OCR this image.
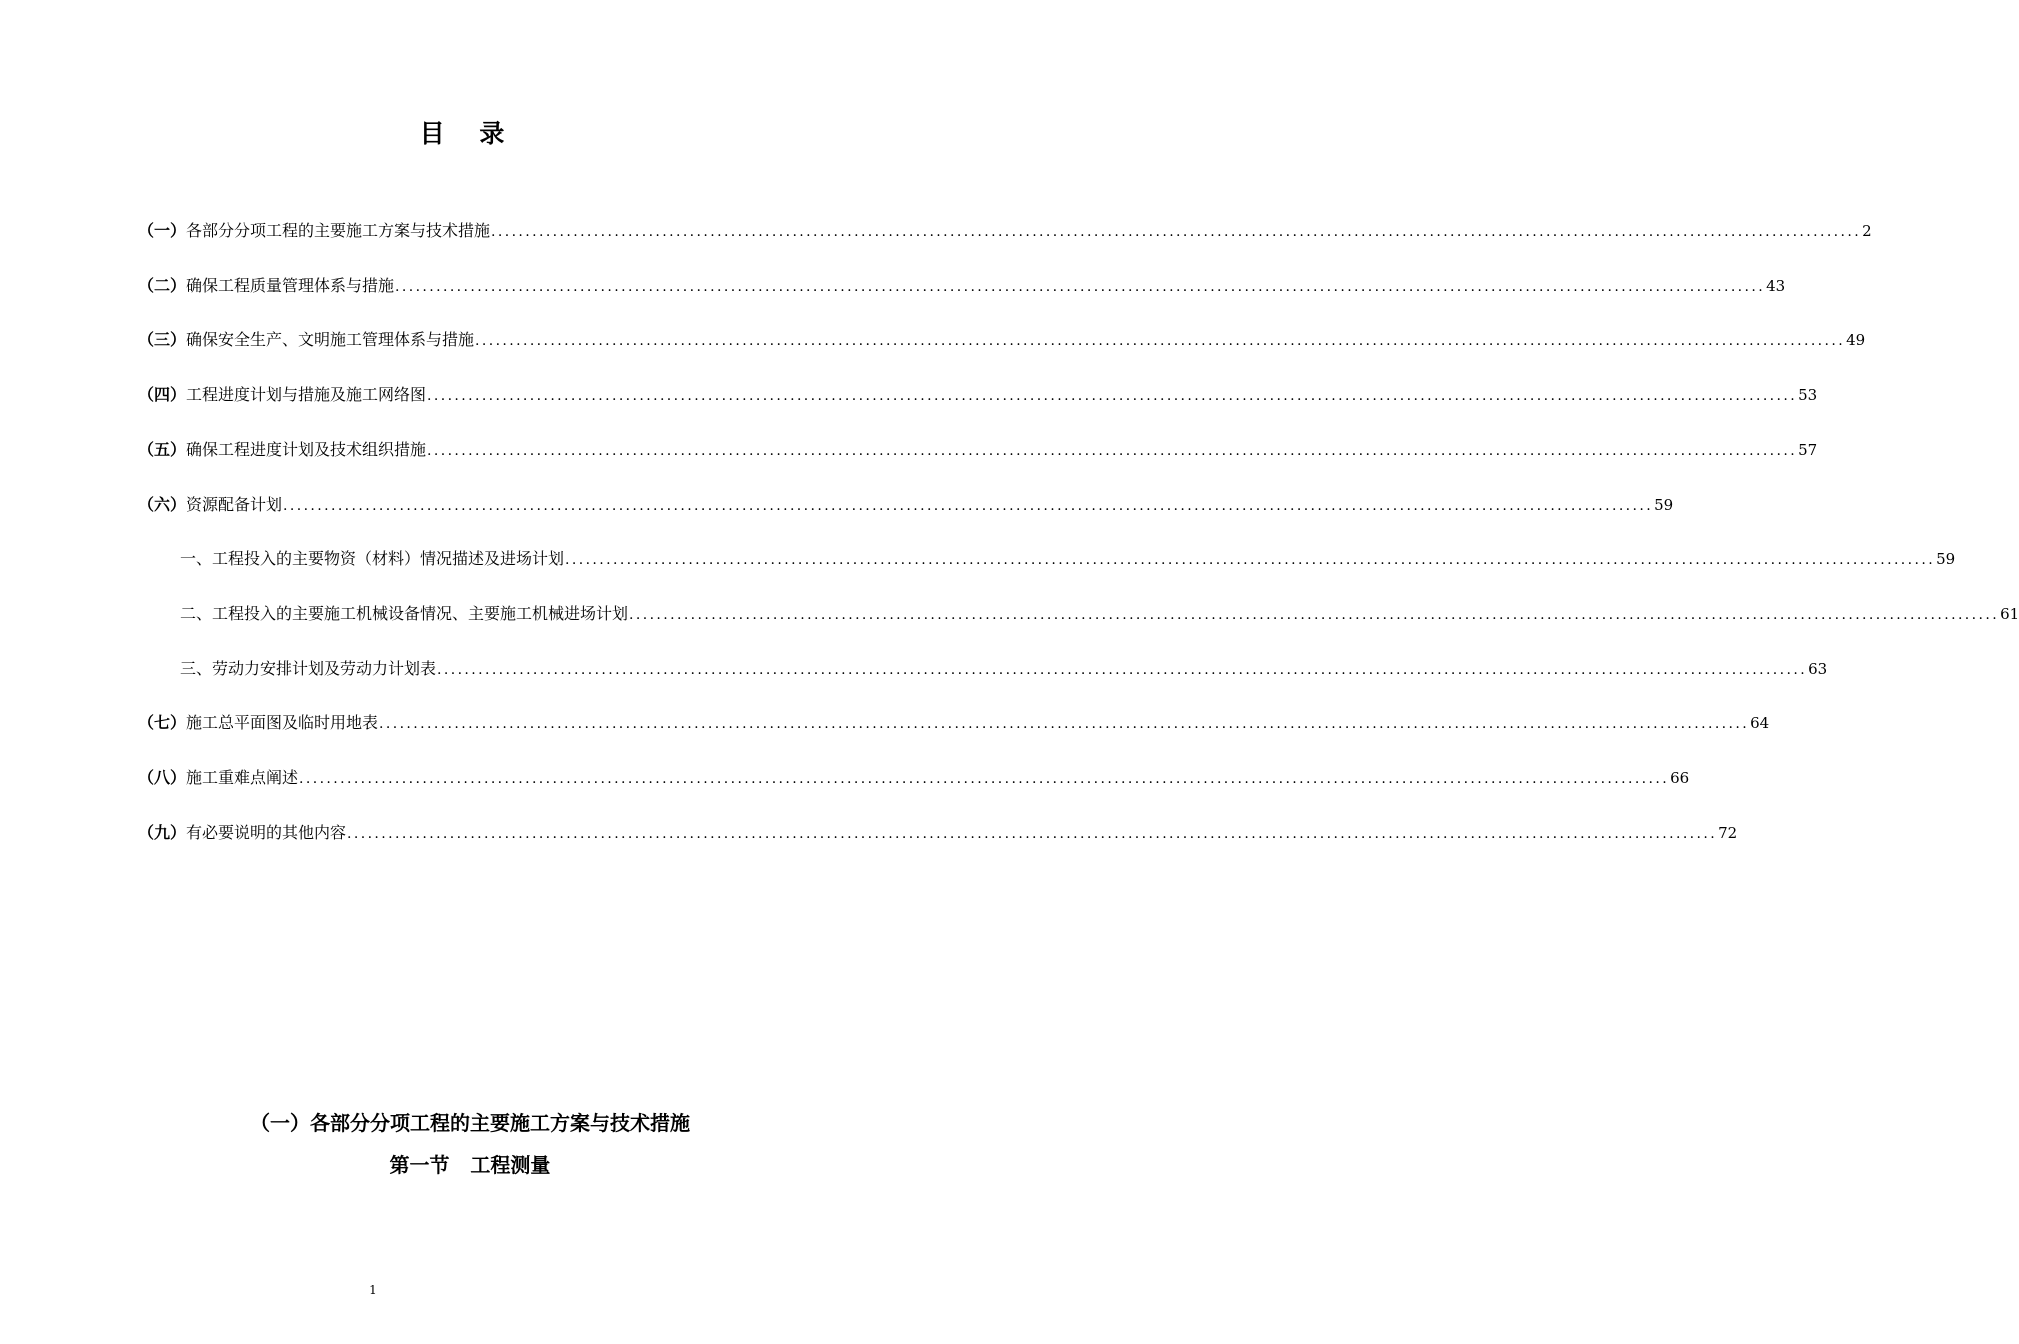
目    录
（一） 各部分分项工程的主要施工方案与技术措施 ........................................................................................................................................................................................................ 2
（二） 确保工程质量管理体系与措施 ........................................................................................................................................................................................................ 43
（三） 确保安全生产、文明施工管理体系与措施 ........................................................................................................................................................................................................ 49
（四） 工程进度计划与措施及施工网络图 ........................................................................................................................................................................................................ 53
（五） 确保工程进度计划及技术组织措施 ........................................................................................................................................................................................................ 57
（六） 资源配备计划 ........................................................................................................................................................................................................ 59
一、工程投入的主要物资（材料）情况描述及进场计划 ........................................................................................................................................................................................................ 59
二、工程投入的主要施工机械设备情况、主要施工机械进场计划 ........................................................................................................................................................................................................ 61
三、劳动力安排计划及劳动力计划表 ........................................................................................................................................................................................................ 63
（七） 施工总平面图及临时用地表 ........................................................................................................................................................................................................ 64
（八） 施工重难点阐述 ........................................................................................................................................................................................................ 66
（九） 有必要说明的其他内容 ........................................................................................................................................................................................................ 72
（一）各部分分项工程的主要施工方案与技术措施
第一节   工程测量
1
